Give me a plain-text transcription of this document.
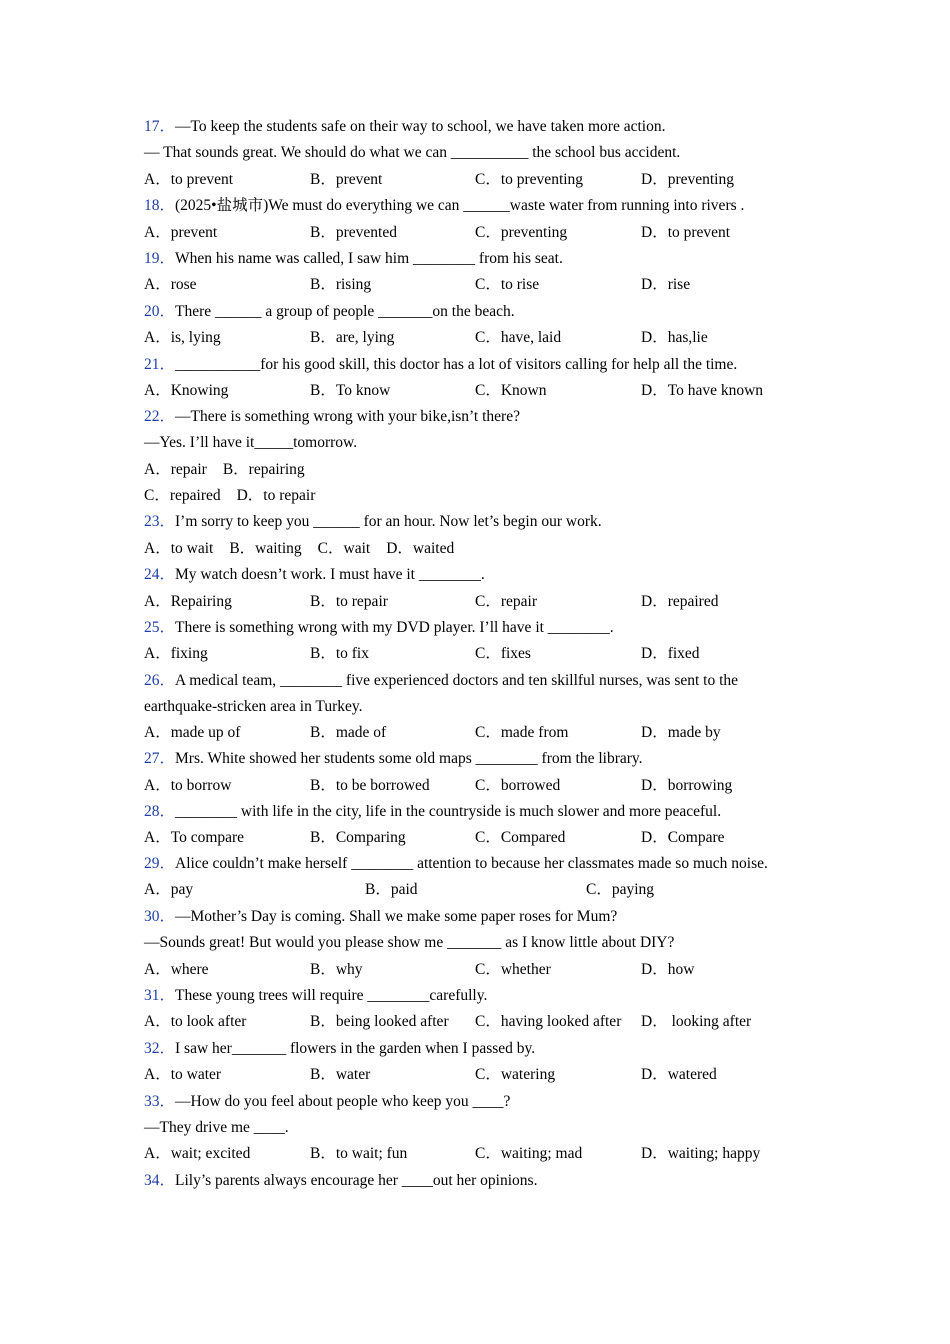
17．—To keep the students safe on their way to school, we have taken more action.
— That sounds great. We should do what we can __________ the school bus accident.
A．to prevent	B．prevent	C．to preventing	D．preventing
18．(2025•盐城市)We must do everything we can ______waste water from running into rivers .
A．prevent	B．prevented	C．preventing	D．to prevent
19．When his name was called, I saw him ________ from his seat.
A．rose	B．rising	C．to rise	D．rise
20．There ______ a group of people _______on the beach.
A．is, lying	B．are, lying	C．have, laid	D．has,lie
21．___________for his good skill, this doctor has a lot of visitors calling for help all the time.
A．Knowing	B．To know	C．Known	D．To have known
22．—There is something wrong with your bike,isn’t there?
—Yes. I’ll have it_____tomorrow.
A．repair B．repairing
C．repaired D．to repair
23．I’m sorry to keep you ______ for an hour. Now let’s begin our work.
A．to wait B．waiting C．wait D．waited
24．My watch doesn’t work. I must have it ________.
A．Repairing	B．to repair	C．repair	D．repaired
25．There is something wrong with my DVD player. I’ll have it ________.
A．fixing	B．to fix	C．fixes	D．fixed
26．A medical team, ________ five experienced doctors and ten skillful nurses, was sent to the earthquake-stricken area in Turkey.
A．made up of	B．made of	C．made from	D．made by
27．Mrs. White showed her students some old maps ________ from the library.
A．to borrow	B．to be borrowed	C．borrowed	D．borrowing
28．________ with life in the city, life in the countryside is much slower and more peaceful.
A．To compare	B．Comparing	C．Compared	D．Compare
29．Alice couldn’t make herself ________ attention to because her classmates made so much noise.
A．pay	B．paid	C．paying
30．—Mother’s Day is coming. Shall we make some paper roses for Mum?
—Sounds great! But would you please show me _______ as I know little about DIY?
A．where	B．why	C．whether	D．how
31．These young trees will require ________carefully.
A．to look after	B．being looked after C．having looked after D． looking after
32．I saw her_______ flowers in the garden when I passed by.
A．to water	B．water	C．watering	D．watered
33．—How do you feel about people who keep you ____?
—They drive me ____.
A．wait; excited	B．to wait; fun	C．waiting; mad	D．waiting; happy
34．Lily’s parents always encourage her ____out her opinions.
